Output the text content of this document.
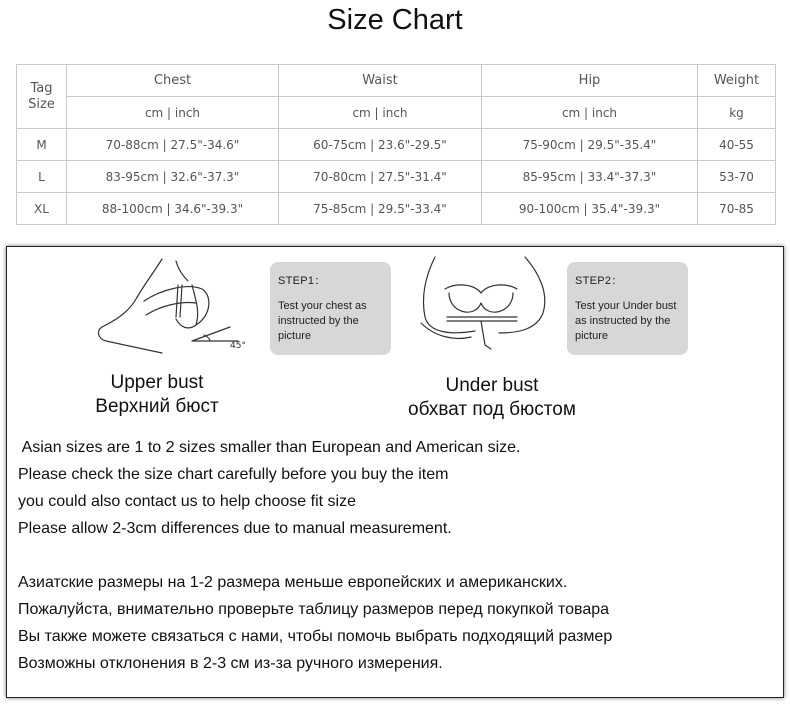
Size Chart
Tag
Size	Chest	Waist	Hip	Weight
	cm | inch	cm | inch	cm | inch	kg
M	70-88cm | 27.5"-34.6"	60-75cm | 23.6"-29.5"	75-90cm | 29.5"-35.4"	40-55
L	83-95cm | 32.6"-37.3"	70-80cm | 27.5"-31.4"	85-95cm | 33.4"-37.3"	53-70
XL	88-100cm | 34.6"-39.3"	75-85cm | 29.5"-33.4"	90-100cm | 35.4"-39.3"	70-85
45°
STEP1：
Test your chest as instructed by the picture
Upper bust
Верхний бюст
STEP2：
Test your Under bust as instructed by the picture
Under bust
обхват под бюстом
Asian sizes are 1 to 2 sizes smaller than European and American size.
Please check the size chart carefully before you buy the item
you could also contact us to help choose fit size
Please allow 2-3cm differences due to manual measurement.
Азиатские размеры на 1-2 размера меньше европейских и американских.
Пожалуйста, внимательно проверьте таблицу размеров перед покупкой товара
Вы также можете связаться с нами, чтобы помочь выбрать подходящий размер
Возможны отклонения в 2-3 см из-за ручного измерения.
